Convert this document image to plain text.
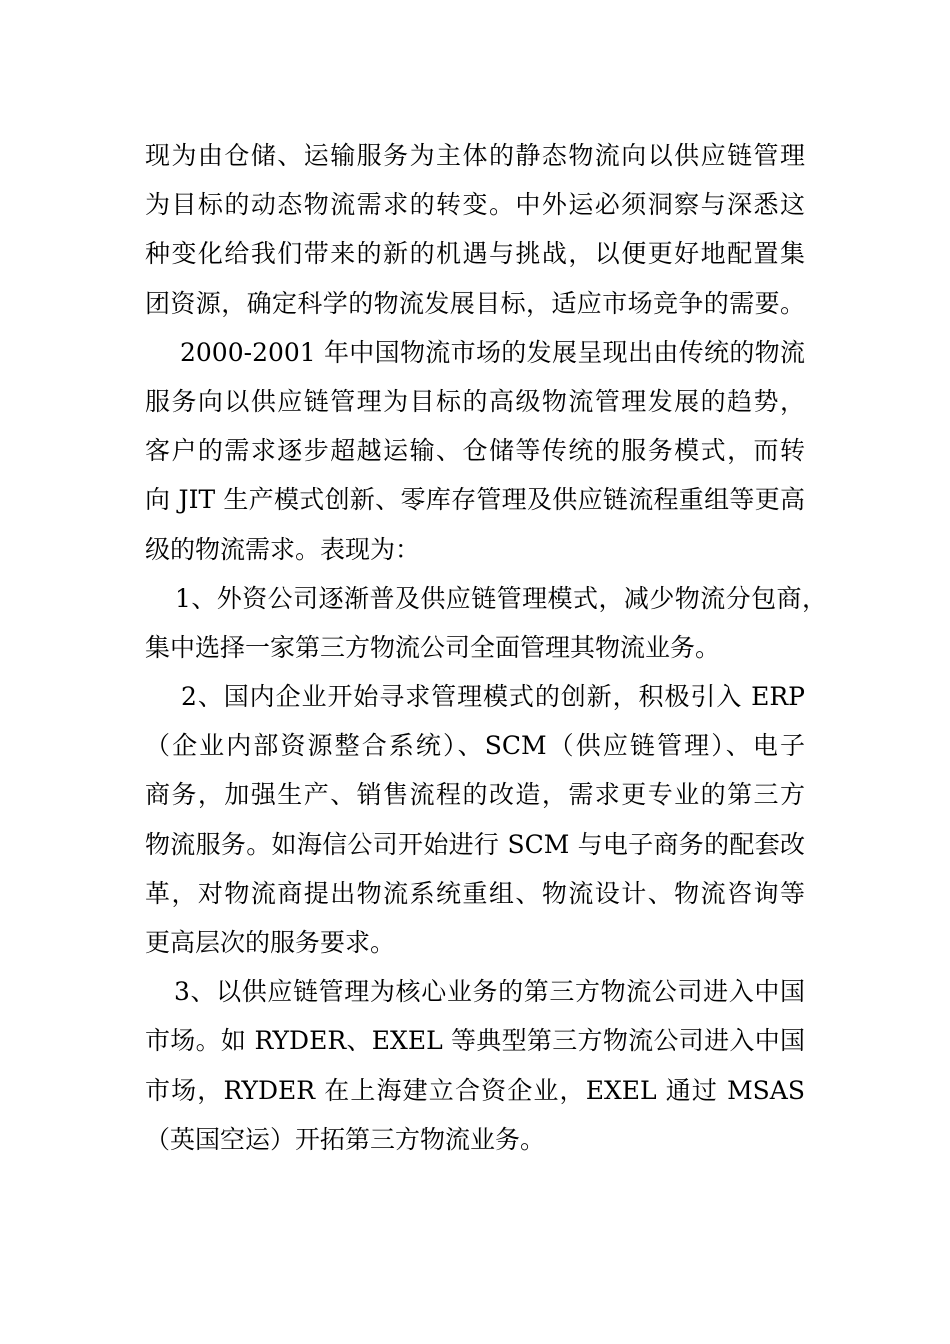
现为由仓储、运输服务为主体的静态物流向以供应链管理
为目标的动态物流需求的转变。中外运必须洞察与深悉这
种变化给我们带来的新的机遇与挑战，以便更好地配置集
团资源，确定科学的物流发展目标，适应市场竞争的需要。
2000-2001 年中国物流市场的发展呈现出由传统的物流
服务向以供应链管理为目标的高级物流管理发展的趋势，
客户的需求逐步超越运输、仓储等传统的服务模式，而转
向 JIT 生产模式创新、零库存管理及供应链流程重组等更高
级的物流需求。表现为：
1、外资公司逐渐普及供应链管理模式，减少物流分包商，
集中选择一家第三方物流公司全面管理其物流业务。
2、国内企业开始寻求管理模式的创新，积极引入 ERP
（企业内部资源整合系统）、SCM（供应链管理）、电子
商务，加强生产、销售流程的改造，需求更专业的第三方
物流服务。如海信公司开始进行 SCM 与电子商务的配套改
革，对物流商提出物流系统重组、物流设计、物流咨询等
更高层次的服务要求。
3、以供应链管理为核心业务的第三方物流公司进入中国
市场。如 RYDER、EXEL 等典型第三方物流公司进入中国
市场，RYDER 在上海建立合资企业，EXEL 通过 MSAS
（英国空运）开拓第三方物流业务。
